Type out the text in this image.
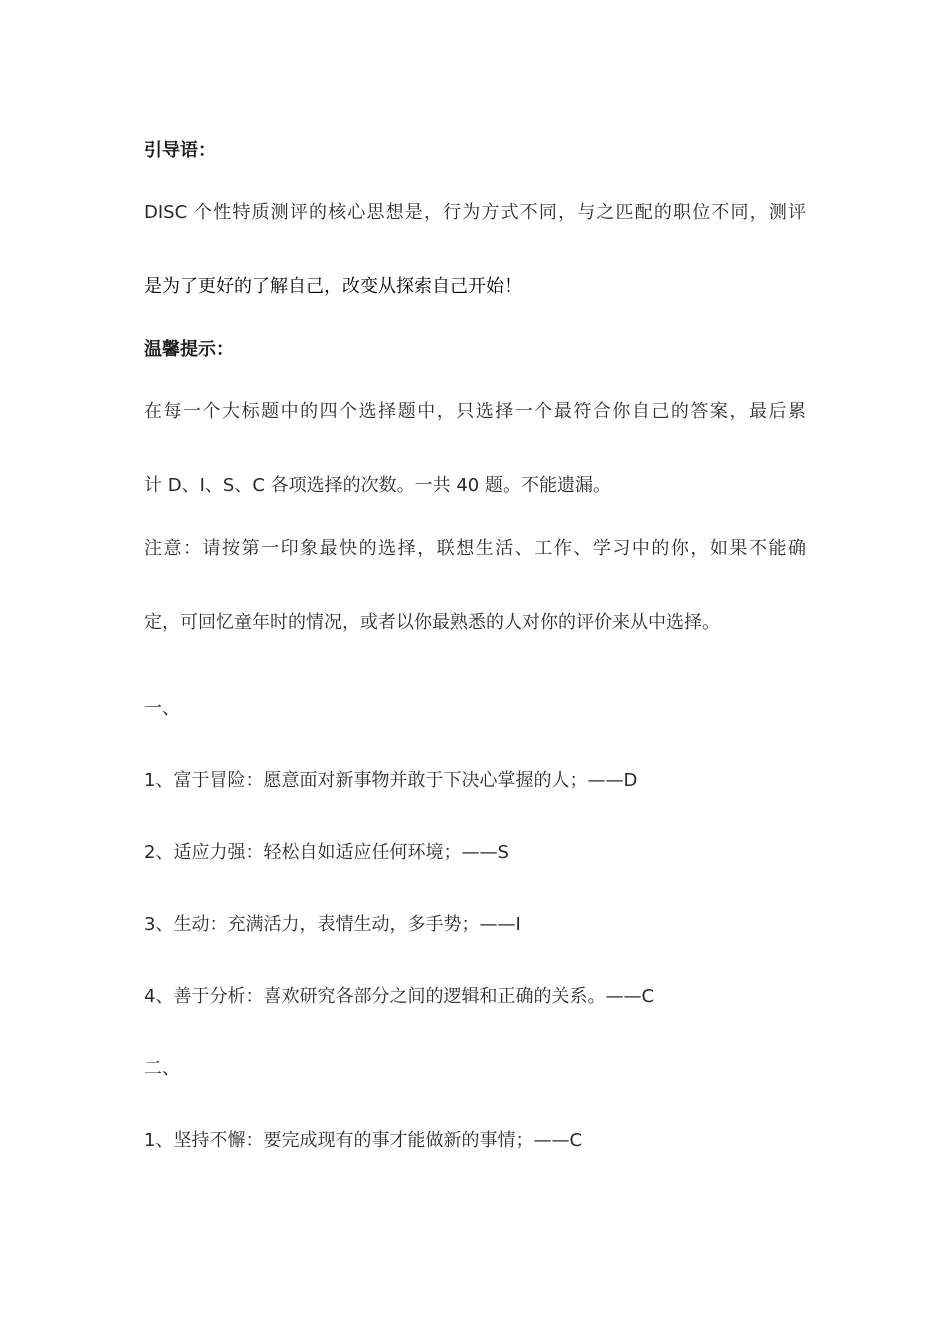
引导语：
DISC 个性特质测评的核心思想是，行为方式不同，与之匹配的职位不同，测评
是为了更好的了解自己，改变从探索自己开始！
温馨提示：
在每一个大标题中的四个选择题中，只选择一个最符合你自己的答案，最后累
计 D、I、S、C 各项选择的次数。一共 40 题。不能遗漏。
注意：请按第一印象最快的选择，联想生活、工作、学习中的你，如果不能确
定，可回忆童年时的情况，或者以你最熟悉的人对你的评价来从中选择。
一、
1、富于冒险：愿意面对新事物并敢于下决心掌握的人；——D
2、适应力强：轻松自如适应任何环境；——S
3、生动：充满活力，表情生动，多手势；——I
4、善于分析：喜欢研究各部分之间的逻辑和正确的关系。——C
二、
1、坚持不懈：要完成现有的事才能做新的事情；——C
